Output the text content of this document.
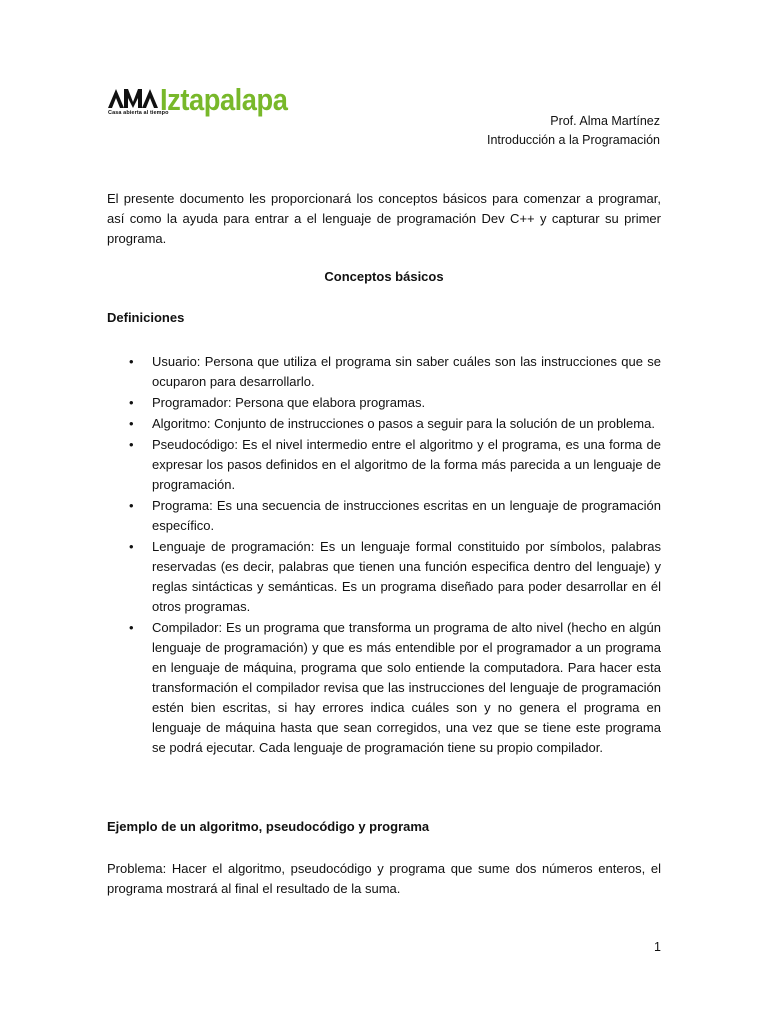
Casa abierta al tiempo
Iztapalapa
Prof. Alma Martínez
Introducción a la Programación
El presente documento les proporcionará los conceptos básicos para comenzar a programar, así como la ayuda para entrar a el lenguaje de programación Dev C++ y capturar su primer programa.
Conceptos básicos
Definiciones
• Usuario: Persona que utiliza el programa sin saber cuáles son las instrucciones que se ocuparon para desarrollarlo.
• Programador: Persona que elabora programas.
• Algoritmo: Conjunto de instrucciones o pasos a seguir para la solución de un problema.
• Pseudocódigo: Es el nivel intermedio entre el algoritmo y el programa, es una forma de expresar los pasos definidos en el algoritmo de la forma más parecida a un lenguaje de programación.
• Programa: Es una secuencia de instrucciones escritas en un lenguaje de programación específico.
• Lenguaje de programación: Es un lenguaje formal constituido por símbolos, palabras reservadas (es decir, palabras que tienen una función especifica dentro del lenguaje) y reglas sintácticas y semánticas. Es un programa diseñado para poder desarrollar en él otros programas.
• Compilador: Es un programa que transforma un programa de alto nivel (hecho en algún lenguaje de programación) y que es más entendible por el programador a un programa en lenguaje de máquina, programa que solo entiende la computadora. Para hacer esta transformación el compilador revisa que las instrucciones del lenguaje de programación estén bien escritas, si hay errores indica cuáles son y no genera el programa en lenguaje de máquina hasta que sean corregidos, una vez que se tiene este programa se podrá ejecutar. Cada lenguaje de programación tiene su propio compilador.
Ejemplo de un algoritmo, pseudocódigo y programa
Problema: Hacer el algoritmo, pseudocódigo y programa que sume dos números enteros, el programa mostrará al final el resultado de la suma.
1
